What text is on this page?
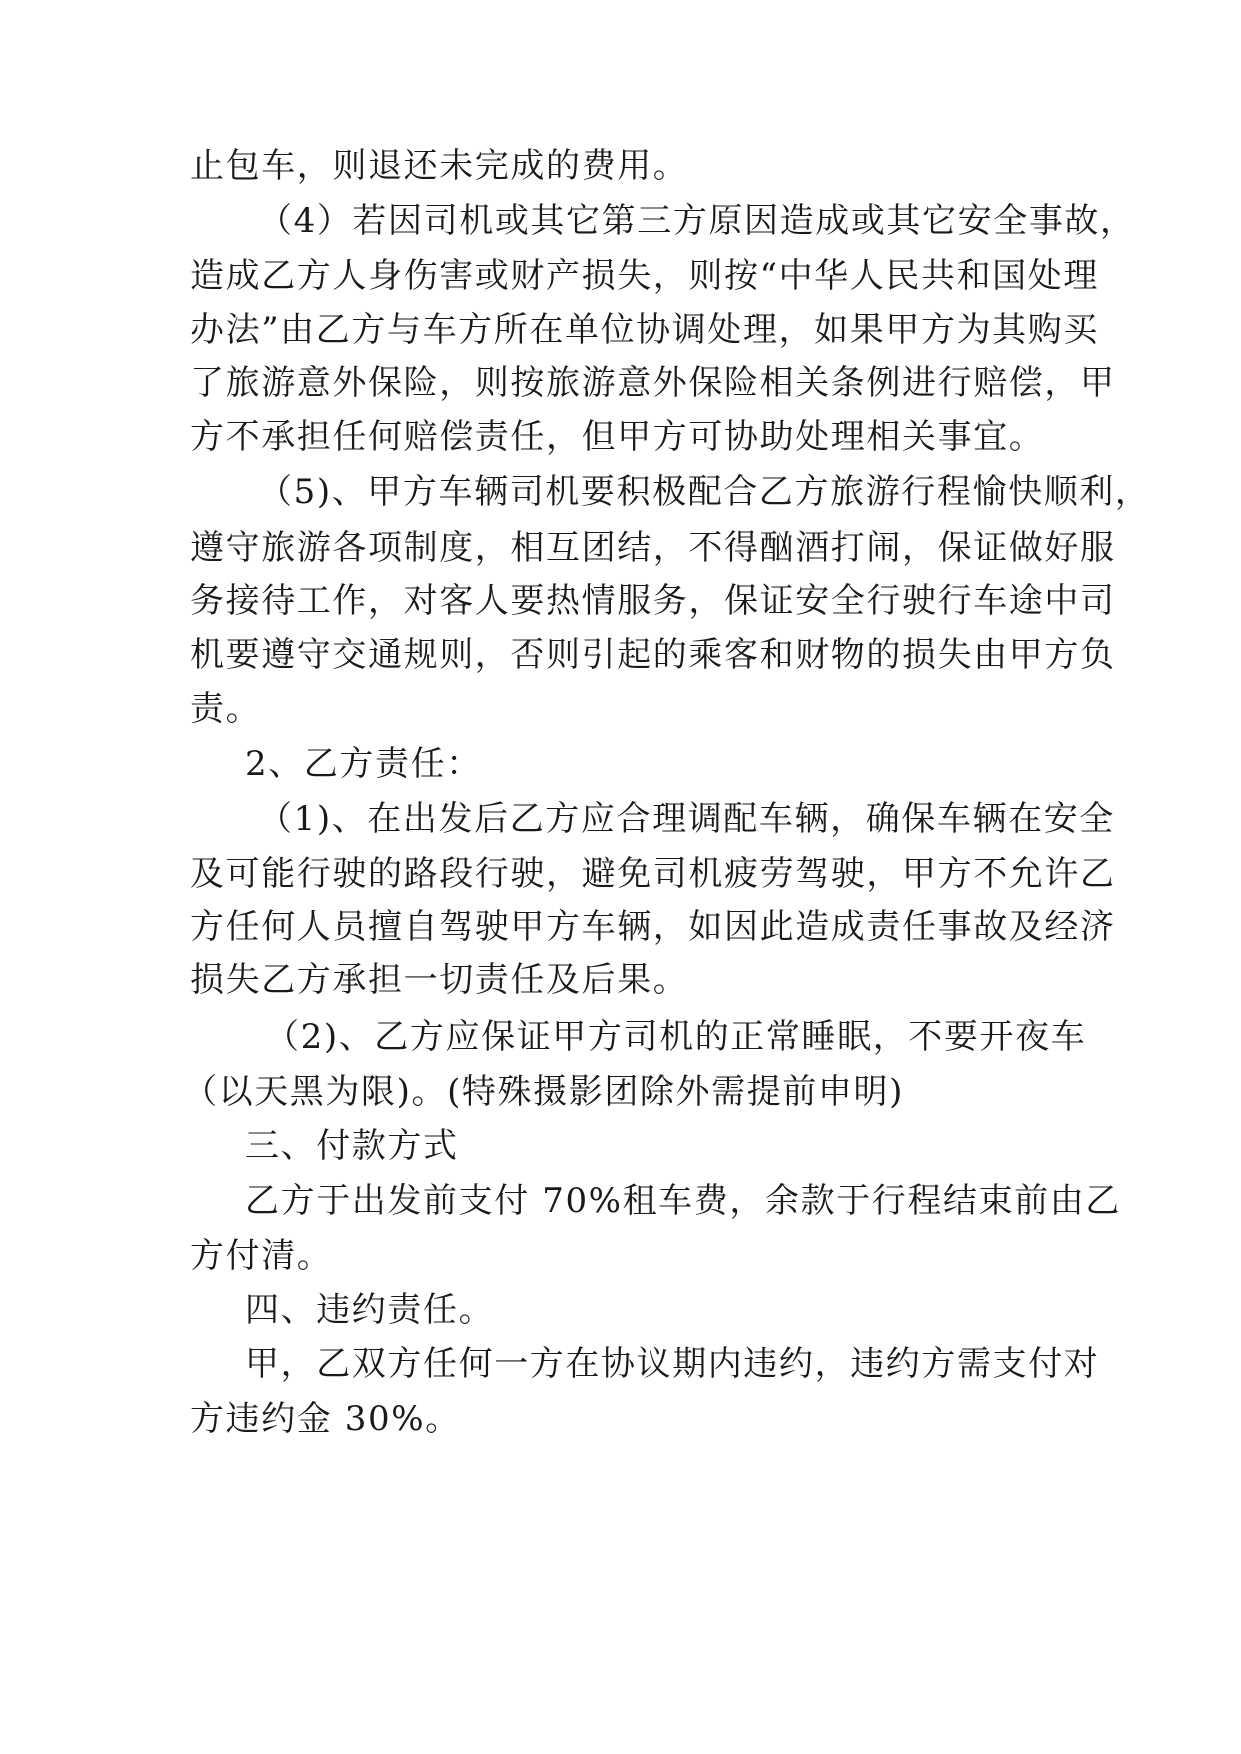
止包车，则退还未完成的费用。
（4）若因司机或其它第三方原因造成或其它安全事故，
造成乙方人身伤害或财产损失，则按“中华人民共和国处理
办法”由乙方与车方所在单位协调处理，如果甲方为其购买
了旅游意外保险，则按旅游意外保险相关条例进行赔偿，甲
方不承担任何赔偿责任，但甲方可协助处理相关事宜。
（5)、甲方车辆司机要积极配合乙方旅游行程愉快顺利，
遵守旅游各项制度，相互团结，不得酗酒打闹，保证做好服
务接待工作，对客人要热情服务，保证安全行驶行车途中司
机要遵守交通规则，否则引起的乘客和财物的损失由甲方负
责。
2、乙方责任：
（1)、在出发后乙方应合理调配车辆，确保车辆在安全
及可能行驶的路段行驶，避免司机疲劳驾驶，甲方不允许乙
方任何人员擅自驾驶甲方车辆，如因此造成责任事故及经济
损失乙方承担一切责任及后果。
（2)、乙方应保证甲方司机的正常睡眠，不要开夜车
（以天黑为限)。(特殊摄影团除外需提前申明)
三、付款方式
乙方于出发前支付 70%租车费，余款于行程结束前由乙
方付清。
四、违约责任。
甲，乙双方任何一方在协议期内违约，违约方需支付对
方违约金 30%。
